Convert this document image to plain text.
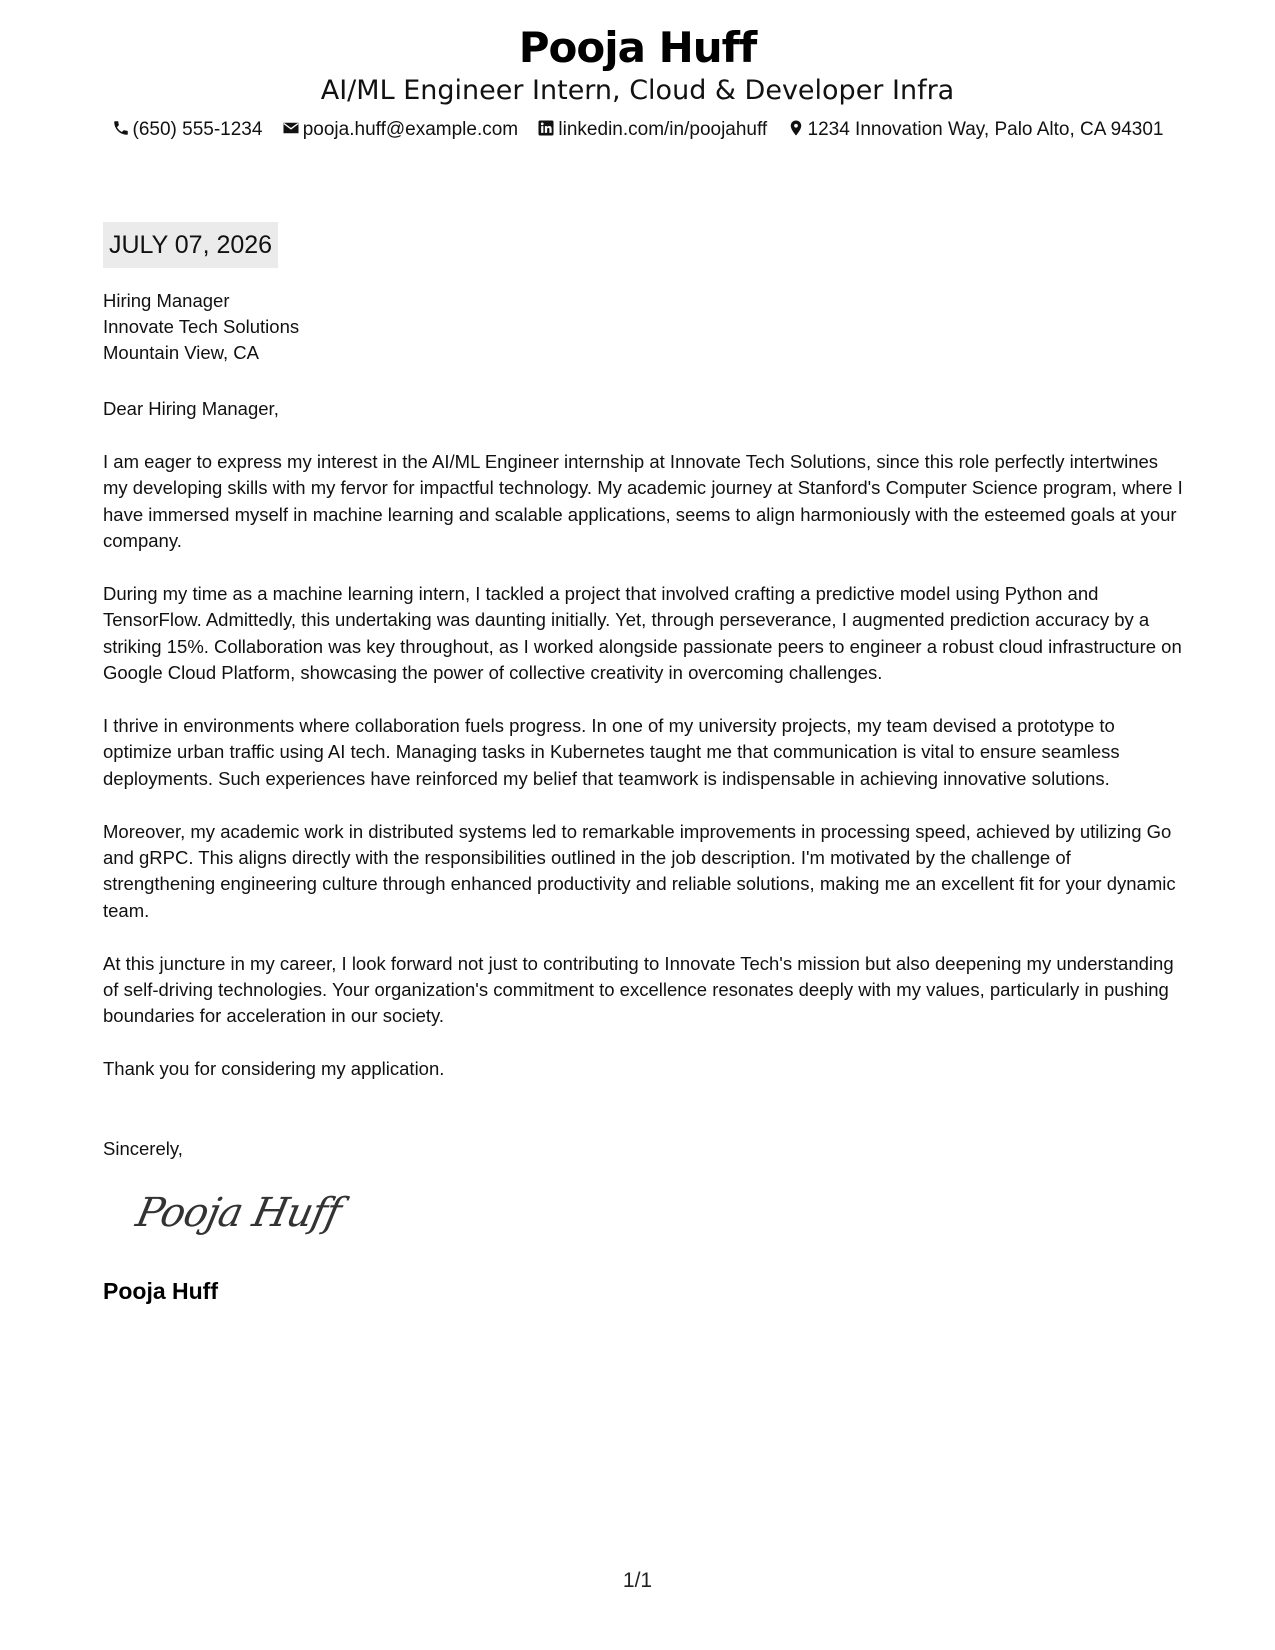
Pooja Huff
AI/ML Engineer Intern, Cloud & Developer Infra
(650) 555-1234 pooja.huff@example.com linkedin.com/in/poojahuff 1234 Innovation Way, Palo Alto, CA 94301
JULY 07, 2026
Hiring Manager
Innovate Tech Solutions
Mountain View, CA
Dear Hiring Manager,

I am eager to express my interest in the AI/ML Engineer internship at Innovate Tech Solutions, since this role perfectly intertwines my developing skills with my fervor for impactful technology. My academic journey at Stanford's Computer Science program, where I have immersed myself in machine learning and scalable applications, seems to align harmoniously with the esteemed goals at your company.

During my time as a machine learning intern, I tackled a project that involved crafting a predictive model using Python and TensorFlow. Admittedly, this undertaking was daunting initially. Yet, through perseverance, I augmented prediction accuracy by a striking 15%. Collaboration was key throughout, as I worked alongside passionate peers to engineer a robust cloud infrastructure on Google Cloud Platform, showcasing the power of collective creativity in overcoming challenges.

I thrive in environments where collaboration fuels progress. In one of my university projects, my team devised a prototype to optimize urban traffic using AI tech. Managing tasks in Kubernetes taught me that communication is vital to ensure seamless deployments. Such experiences have reinforced my belief that teamwork is indispensable in achieving innovative solutions.

Moreover, my academic work in distributed systems led to remarkable improvements in processing speed, achieved by utilizing Go and gRPC. This aligns directly with the responsibilities outlined in the job description. I'm motivated by the challenge of strengthening engineering culture through enhanced productivity and reliable solutions, making me an excellent fit for your dynamic team.

At this juncture in my career, I look forward not just to contributing to Innovate Tech's mission but also deepening my understanding of self-driving technologies. Your organization's commitment to excellence resonates deeply with my values, particularly in pushing boundaries for acceleration in our society.

Thank you for considering my application.

Sincerely,
Pooja Huff
Pooja Huff
1/1
